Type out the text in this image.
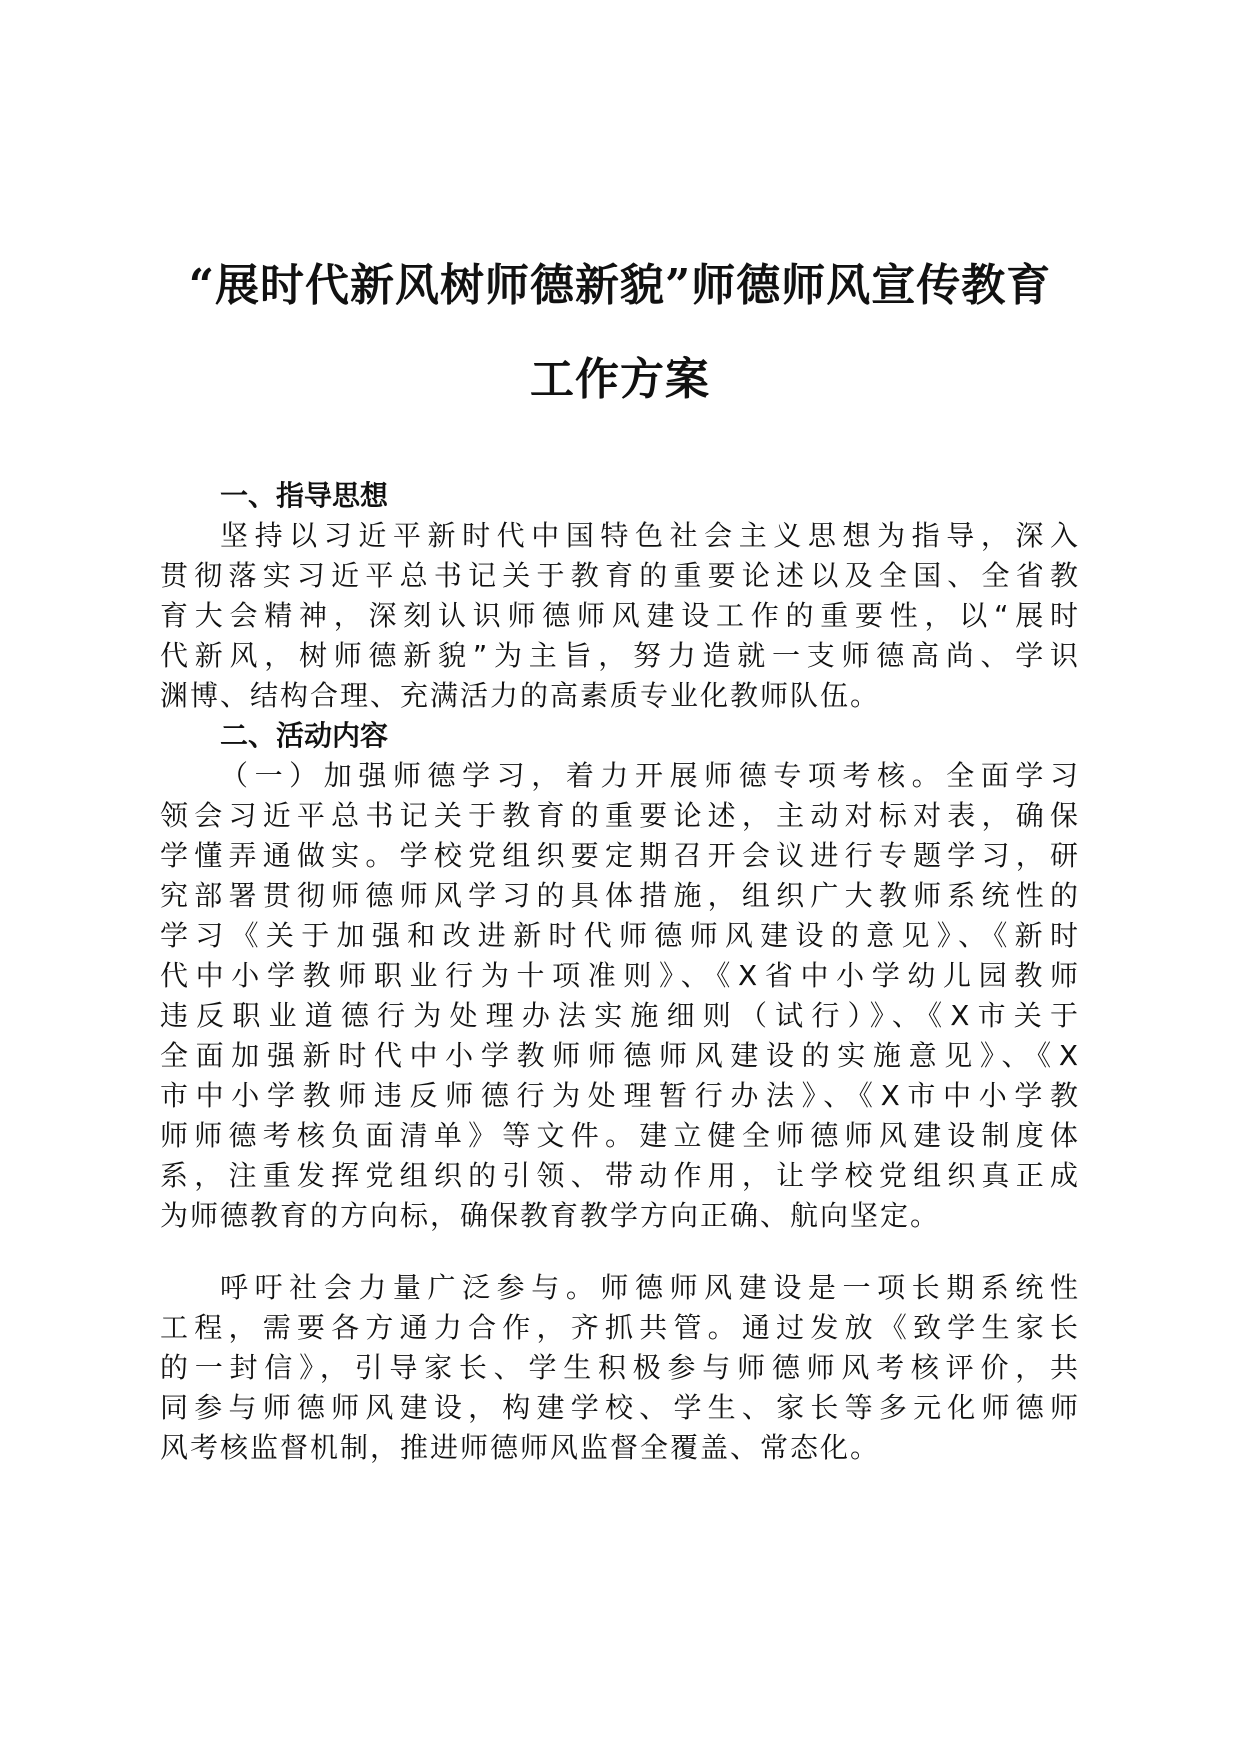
“展时代新风树师德新貌”师德师风宣传教育
工作方案
一、指导思想
坚持以习近平新时代中国特色社会主义思想为指导，深入
贯彻落实习近平总书记关于教育的重要论述以及全国、全省教
育大会精神，深刻认识师德师风建设工作的重要性，以“展时
代新风，树师德新貌”为主旨，努力造就一支师德高尚、学识
渊博、结构合理、充满活力的高素质专业化教师队伍。
二、活动内容
（一）加强师德学习，着力开展师德专项考核。全面学习
领会习近平总书记关于教育的重要论述，主动对标对表，确保
学懂弄通做实。学校党组织要定期召开会议进行专题学习，研
究部署贯彻师德师风学习的具体措施，组织广大教师系统性的
学习《关于加强和改进新时代师德师风建设的意见》、《新时
代中小学教师职业行为十项准则》、《X省中小学幼儿园教师
违反职业道德行为处理办法实施细则（试行）》、《X市关于
全面加强新时代中小学教师师德师风建设的实施意见》、《X
市中小学教师违反师德行为处理暂行办法》、《X市中小学教
师师德考核负面清单》等文件。建立健全师德师风建设制度体
系，注重发挥党组织的引领、带动作用，让学校党组织真正成
为师德教育的方向标，确保教育教学方向正确、航向坚定。
呼吁社会力量广泛参与。师德师风建设是一项长期系统性
工程，需要各方通力合作，齐抓共管。通过发放《致学生家长
的一封信》，引导家长、学生积极参与师德师风考核评价，共
同参与师德师风建设，构建学校、学生、家长等多元化师德师
风考核监督机制，推进师德师风监督全覆盖、常态化。
